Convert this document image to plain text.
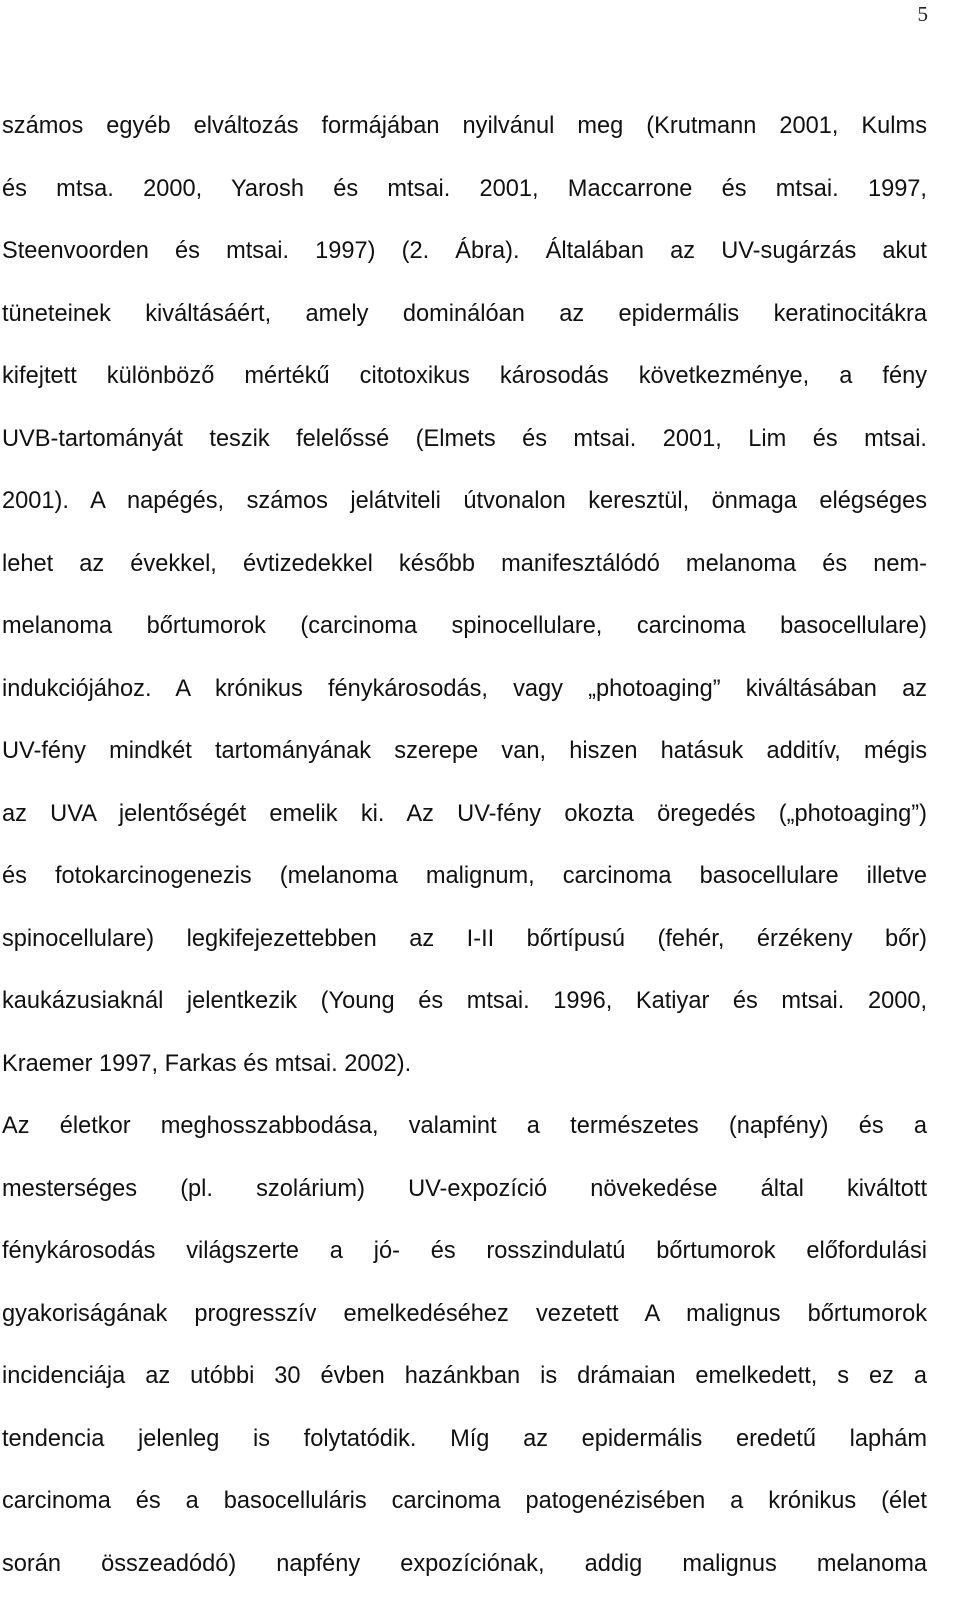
5
számos egyéb elváltozás formájában nyilvánul meg (Krutmann 2001, Kulms
és mtsa. 2000, Yarosh és mtsai. 2001, Maccarrone és mtsai. 1997,
Steenvoorden és mtsai. 1997) (2. Ábra). Általában az UV-sugárzás akut
tüneteinek kiváltásáért, amely dominálóan az epidermális keratinocitákra
kifejtett különböző mértékű citotoxikus károsodás következménye, a fény
UVB-tartományát teszik felelőssé (Elmets és mtsai. 2001, Lim és mtsai.
2001). A napégés, számos jelátviteli útvonalon keresztül, önmaga elégséges
lehet az évekkel, évtizedekkel később manifesztálódó melanoma és nem-
melanoma bőrtumorok (carcinoma spinocellulare, carcinoma basocellulare)
indukciójához. A krónikus fénykárosodás, vagy „photoaging” kiváltásában az
UV-fény mindkét tartományának szerepe van, hiszen hatásuk additív, mégis
az UVA jelentőségét emelik ki. Az UV-fény okozta öregedés („photoaging”)
és fotokarcinogenezis (melanoma malignum, carcinoma basocellulare illetve
spinocellulare) legkifejezettebben az I-II bőrtípusú (fehér, érzékeny bőr)
kaukázusiaknál jelentkezik (Young és mtsai. 1996, Katiyar és mtsai. 2000,
Kraemer 1997, Farkas és mtsai. 2002).
Az életkor meghosszabbodása, valamint a természetes (napfény) és a
mesterséges (pl. szolárium) UV-expozíció növekedése által kiváltott
fénykárosodás világszerte a jó- és rosszindulatú bőrtumorok előfordulási
gyakoriságának progresszív emelkedéséhez vezetett A malignus bőrtumorok
incidenciája az utóbbi 30 évben hazánkban is drámaian emelkedett, s ez a
tendencia jelenleg is folytatódik. Míg az epidermális eredetű laphám
carcinoma és a basocelluláris carcinoma patogenézisében a krónikus (élet
során összeadódó) napfény expozíciónak, addig malignus melanoma
